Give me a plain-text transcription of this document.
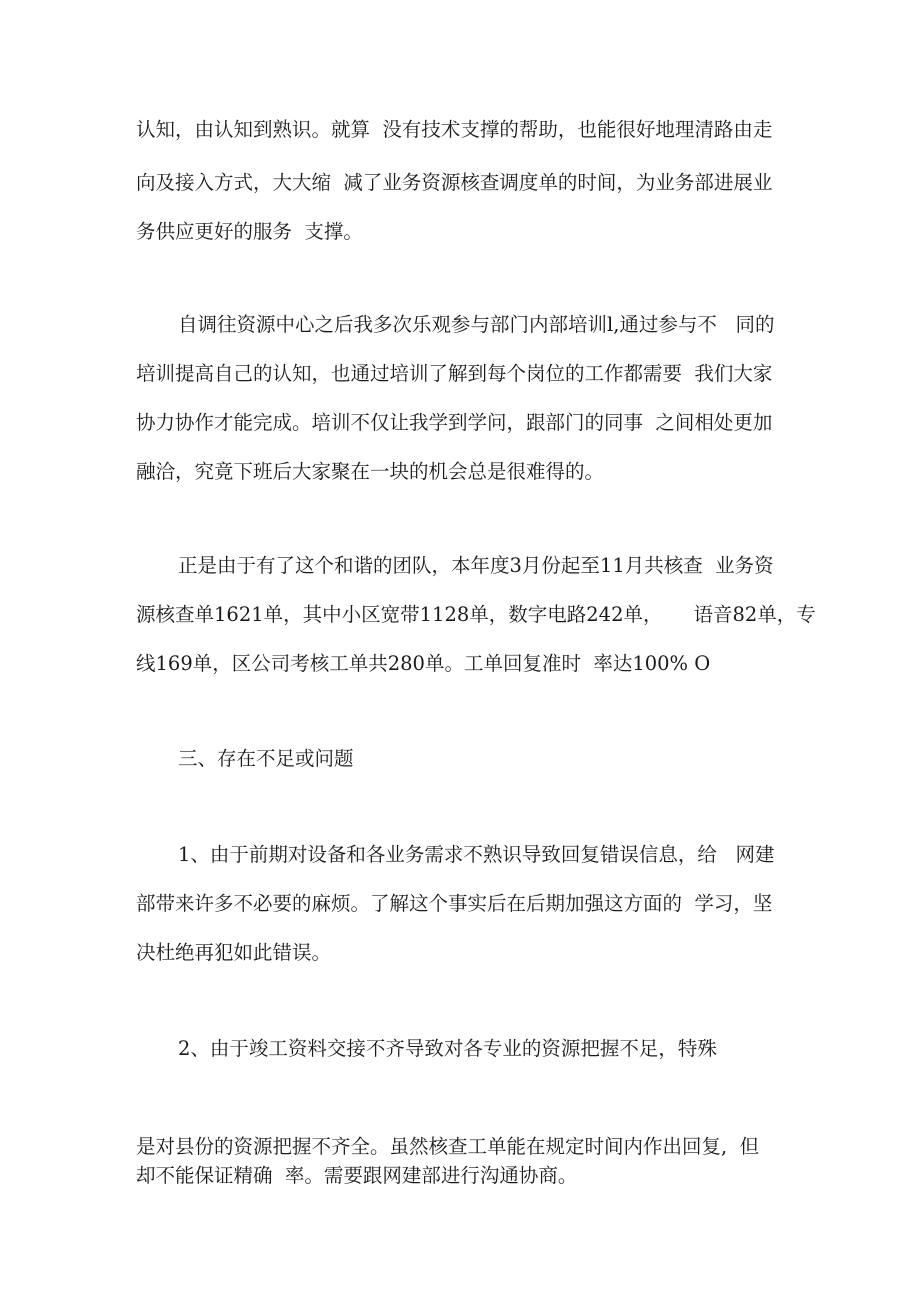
认知，由认知到熟识。就算  没有技术支撑的帮助，也能很好地理清路由走
向及接入方式，大大缩  减了业务资源核查调度单的时间，为业务部进展业
务供应更好的服务  支撑。
自调往资源中心之后我多次乐观参与部门内部培训l,通过参与不   同的
培训提高自己的认知，也通过培训了解到每个岗位的工作都需要  我们大家
协力协作才能完成。培训不仅让我学到学问，跟部门的同事  之间相处更加
融洽，究竟下班后大家聚在一块的机会总是很难得的。
正是由于有了这个和谐的团队，本年度3月份起至11月共核查  业务资
源核查单1621单，其中小区宽带1128单，数字电路242单，     语音82单，专
线169单，区公司考核工单共280单。工单回复准时  率达100% O
三、存在不足或问题
1、由于前期对设备和各业务需求不熟识导致回复错误信息，给   网建
部带来许多不必要的麻烦。了解这个事实后在后期加强这方面的  学习，坚
决杜绝再犯如此错误。
2、由于竣工资料交接不齐导致对各专业的资源把握不足，特殊
是对县份的资源把握不齐全。虽然核查工单能在规定时间内作出回复,  但
却不能保证精确  率。需要跟网建部进行沟通协商。
